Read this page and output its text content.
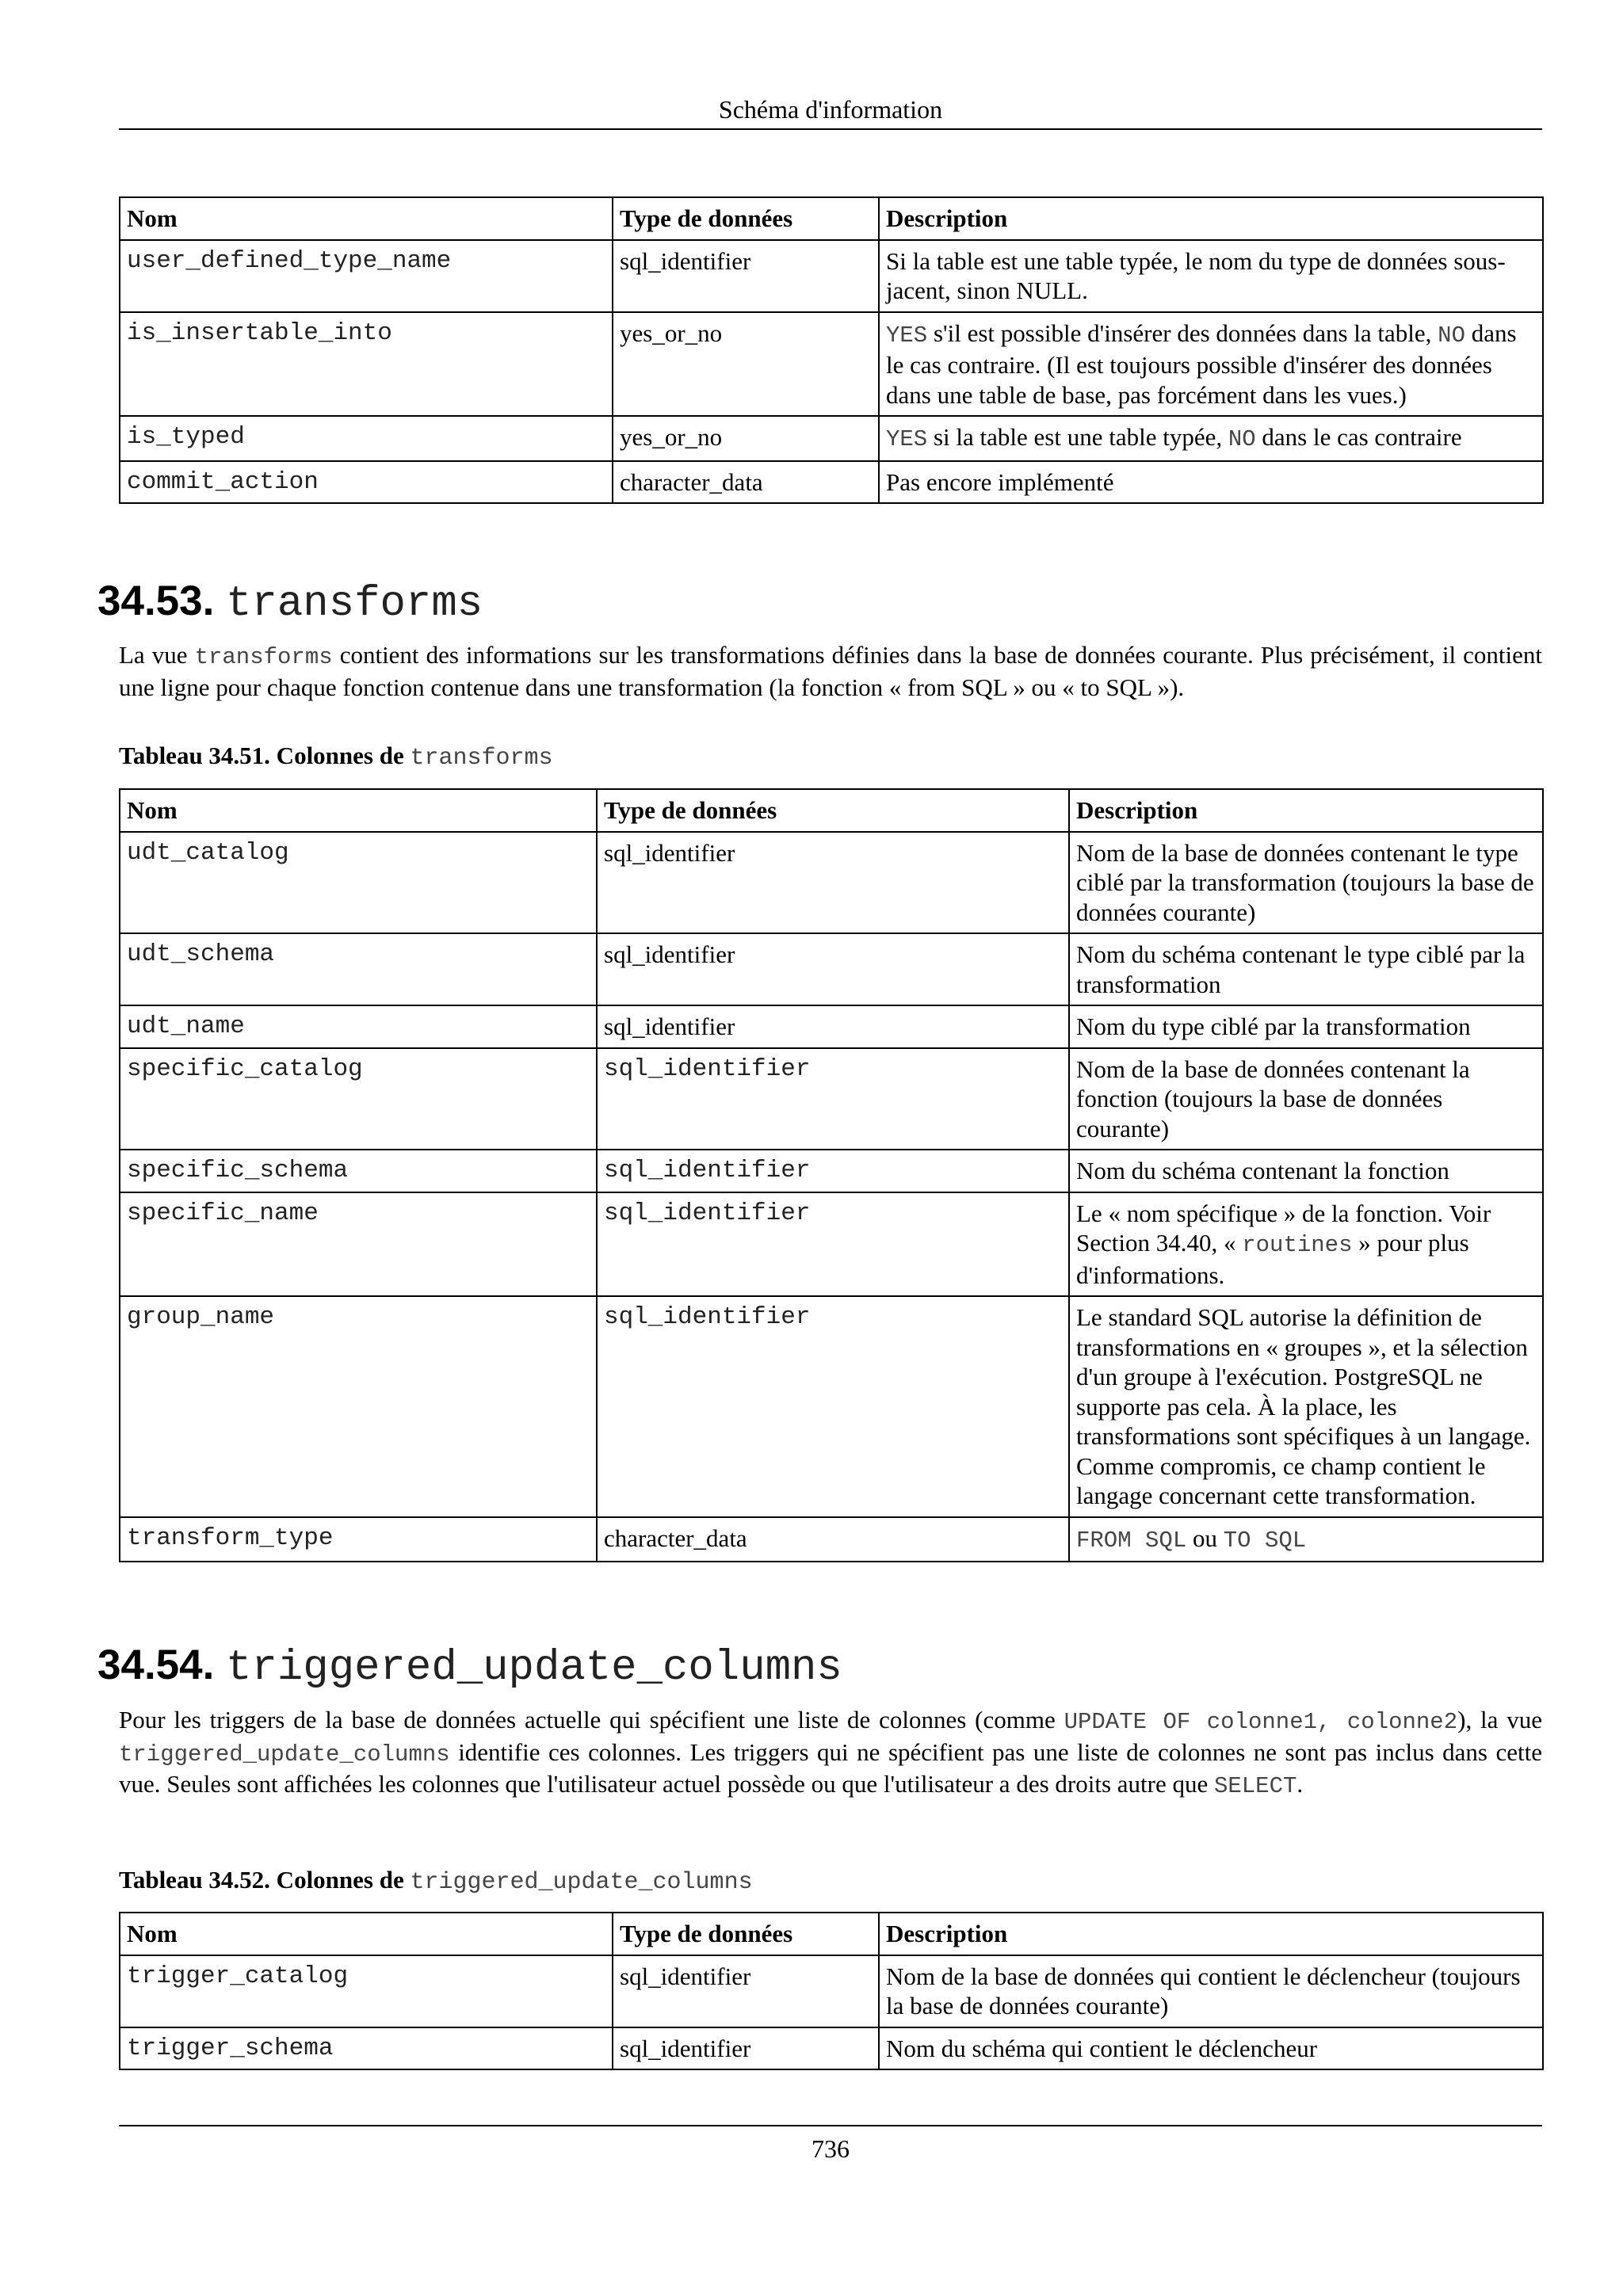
Schéma d'information
Nom	Type de données	Description
user_defined_type_name	sql_identifier	Si la table est une table typée, le nom du type de données sous-jacent, sinon NULL.
is_insertable_into	yes_or_no	YES s'il est possible d'insérer des données dans la table, NO dans le cas contraire. (Il est toujours possible d'insérer des données dans une table de base, pas forcément dans les vues.)
is_typed	yes_or_no	YES si la table est une table typée, NO dans le cas contraire
commit_action	character_data	Pas encore implémenté
34.53. transforms

La vue transforms contient des informations sur les transformations définies dans la base de données courante. Plus précisément, il contient une ligne pour chaque fonction contenue dans une transformation (la fonction « from SQL » ou « to SQL »).

Tableau 34.51. Colonnes de transforms

Nom	Type de données	Description
udt_catalog	sql_identifier	Nom de la base de données contenant le type ciblé par la transformation (toujours la base de données courante)
udt_schema	sql_identifier	Nom du schéma contenant le type ciblé par la transformation
udt_name	sql_identifier	Nom du type ciblé par la transformation
specific_catalog	sql_identifier	Nom de la base de données contenant la fonction (toujours la base de données courante)
specific_schema	sql_identifier	Nom du schéma contenant la fonction
specific_name	sql_identifier	Le « nom spécifique » de la fonction. Voir Section 34.40, « routines » pour plus d'informations.
group_name	sql_identifier	Le standard SQL autorise la définition de transformations en « groupes », et la sélection d'un groupe à l'exécution. PostgreSQL ne supporte pas cela. À la place, les transformations sont spécifiques à un langage. Comme compromis, ce champ contient le langage concernant cette transformation.
transform_type	character_data	FROM SQL ou TO SQL
34.54. triggered_update_columns

Pour les triggers de la base de données actuelle qui spécifient une liste de colonnes (comme UPDATE OF colonne1, colonne2), la vue triggered_update_columns identifie ces colonnes. Les triggers qui ne spécifient pas une liste de colonnes ne sont pas inclus dans cette vue. Seules sont affichées les colonnes que l'utilisateur actuel possède ou que l'utilisateur a des droits autre que SELECT.

Tableau 34.52. Colonnes de triggered_update_columns

Nom	Type de données	Description
trigger_catalog	sql_identifier	Nom de la base de données qui contient le déclencheur (toujours la base de données courante)
trigger_schema	sql_identifier	Nom du schéma qui contient le déclencheur
736
